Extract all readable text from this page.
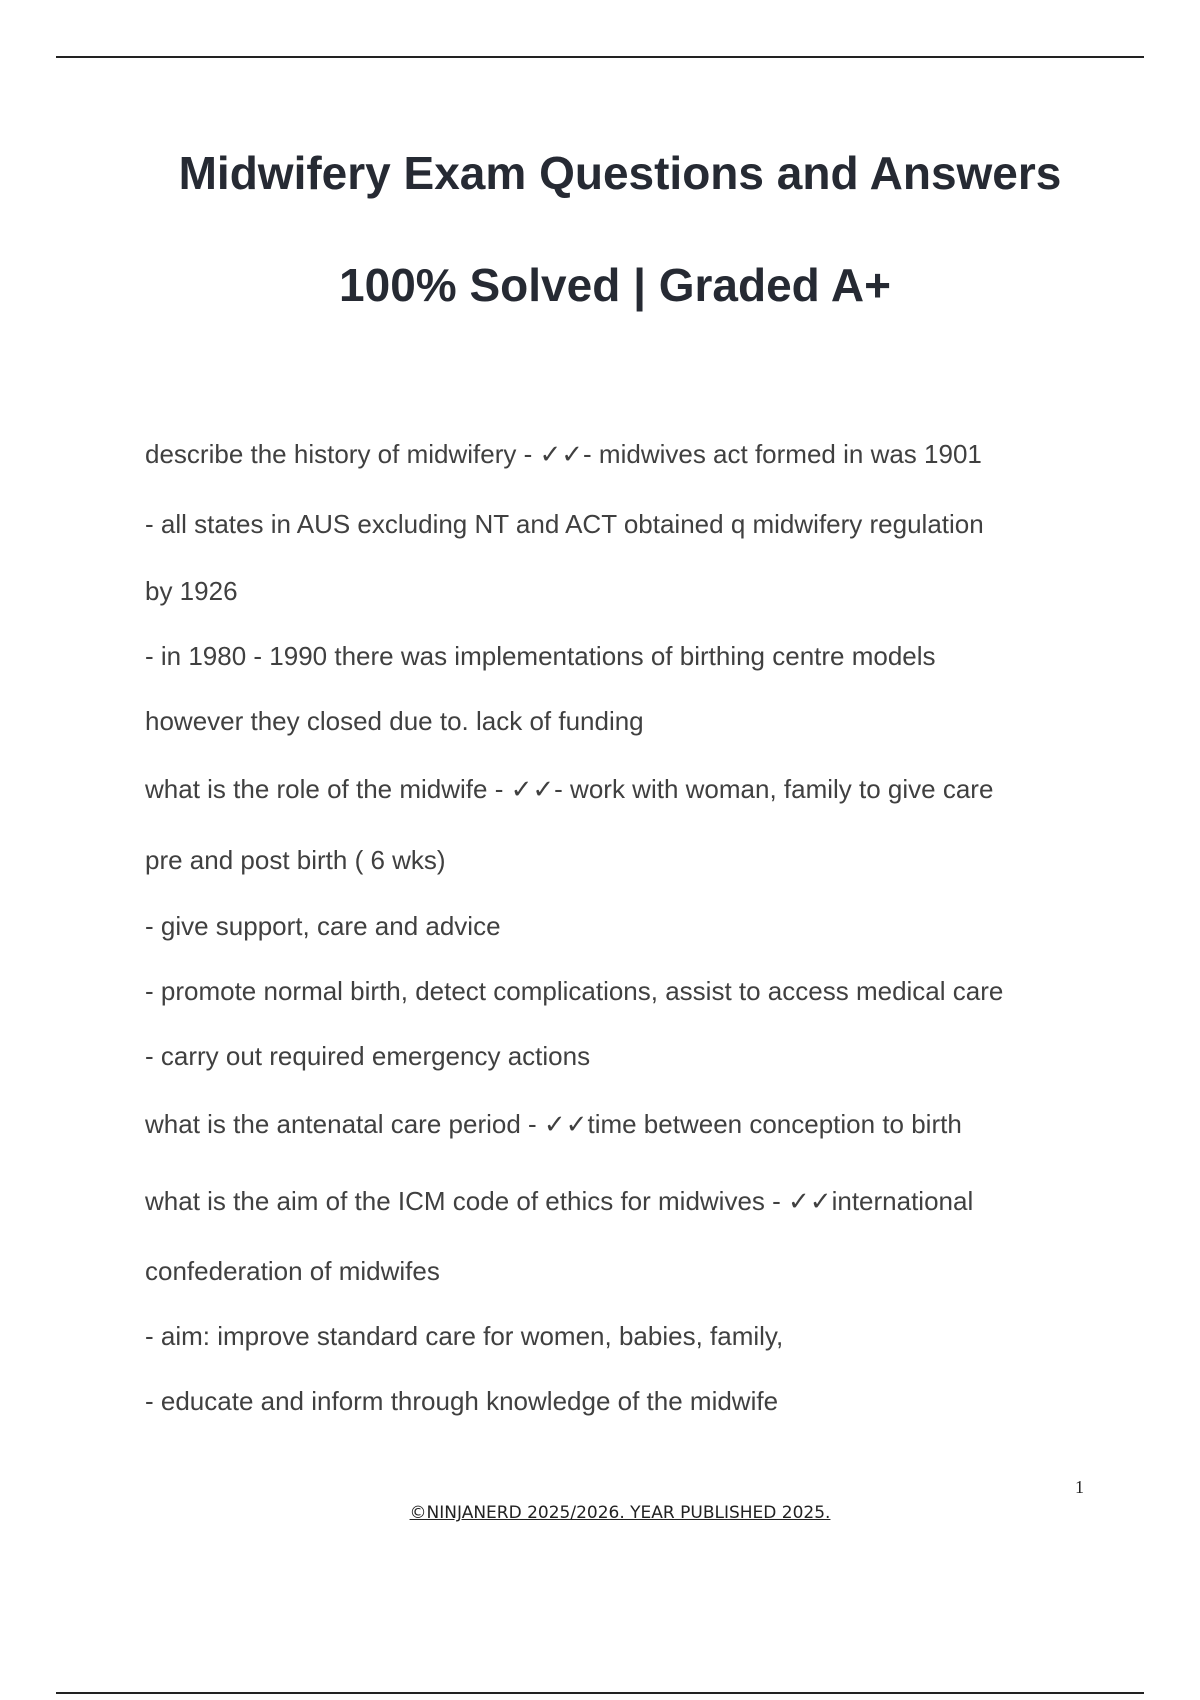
Midwifery Exam Questions and Answers
100% Solved | Graded A+
describe the history of midwifery - ✓✓- midwives act formed in was 1901
- all states in AUS excluding NT and ACT obtained q midwifery regulation
by 1926
- in 1980 - 1990 there was implementations of birthing centre models
however they closed due to. lack of funding
what is the role of the midwife - ✓✓- work with woman, family to give care
pre and post birth ( 6 wks)
- give support, care and advice
- promote normal birth, detect complications, assist to access medical care
- carry out required emergency actions
what is the antenatal care period - ✓✓time between conception to birth
what is the aim of the ICM code of ethics for midwives - ✓✓international
confederation of midwifes
- aim: improve standard care for women, babies, family,
- educate and inform through knowledge of the midwife
1
©NINJANERD 2025/2026. YEAR PUBLISHED 2025.
